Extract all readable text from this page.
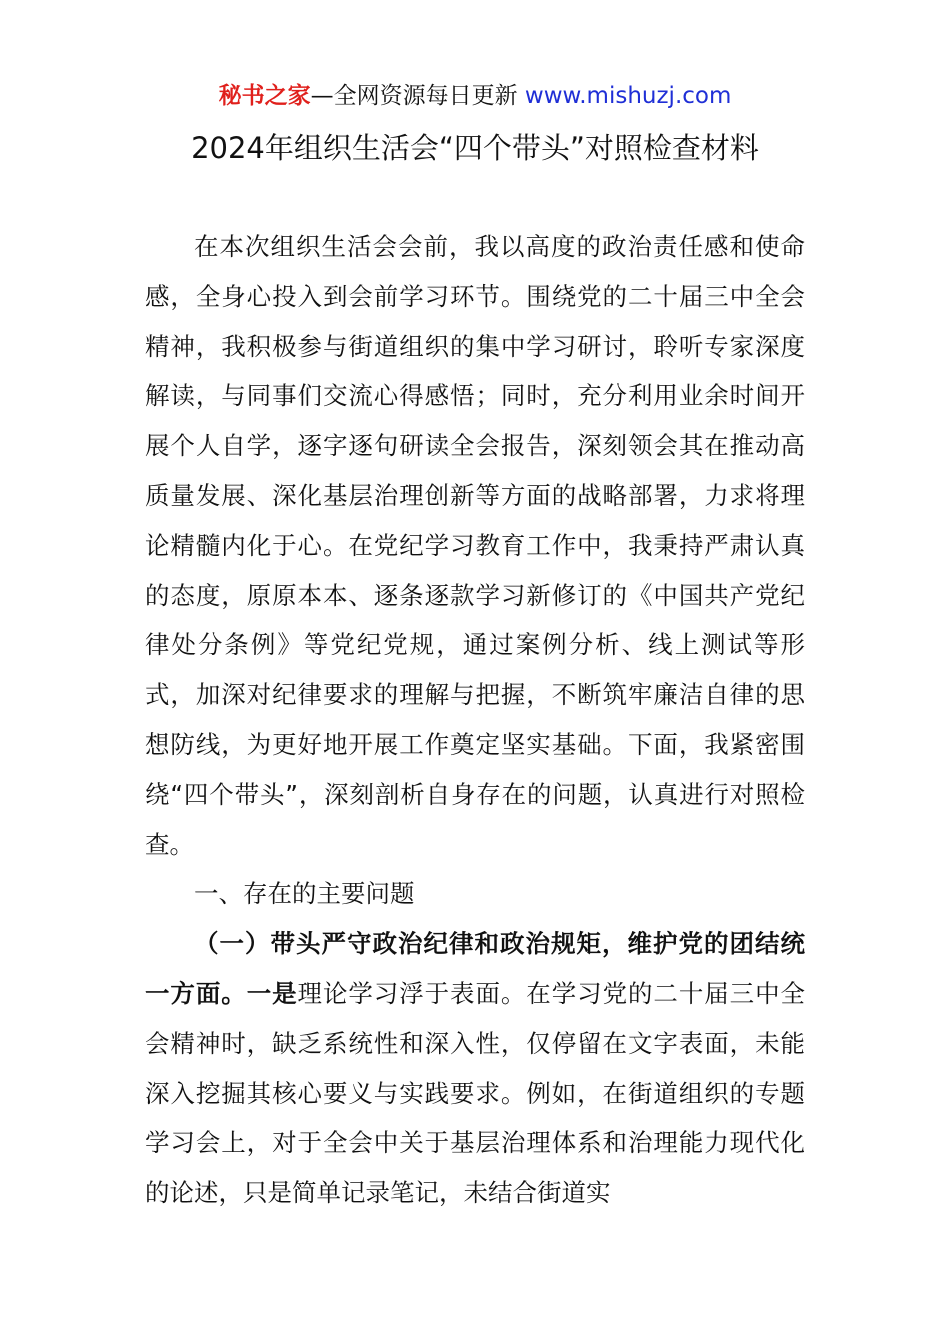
秘书之家—全网资源每日更新 www.mishuzj.com
2024年组织生活会“四个带头”对照检查材料

在本次组织生活会会前，我以高度的政治责任感和使命感，全身心投入到会前学习环节。围绕党的二十届三中全会精神，我积极参与街道组织的集中学习研讨，聆听专家深度解读，与同事们交流心得感悟；同时，充分利用业余时间开展个人自学，逐字逐句研读全会报告，深刻领会其在推动高质量发展、深化基层治理创新等方面的战略部署，力求将理论精髓内化于心。在党纪学习教育工作中，我秉持严肃认真的态度，原原本本、逐条逐款学习新修订的《中国共产党纪律处分条例》等党纪党规，通过案例分析、线上测试等形式，加深对纪律要求的理解与把握，不断筑牢廉洁自律的思想防线，为更好地开展工作奠定坚实基础。下面，我紧密围绕“四个带头”，深刻剖析自身存在的问题，认真进行对照检查。

一、存在的主要问题

（一）带头严守政治纪律和政治规矩，维护党的团结统一方面。一是理论学习浮于表面。在学习党的二十届三中全会精神时，缺乏系统性和深入性，仅停留在文字表面，未能深入挖掘其核心要义与实践要求。例如，在街道组织的专题学习会上，对于全会中关于基层治理体系和治理能力现代化的论述，只是简单记录笔记，未结合街道实
